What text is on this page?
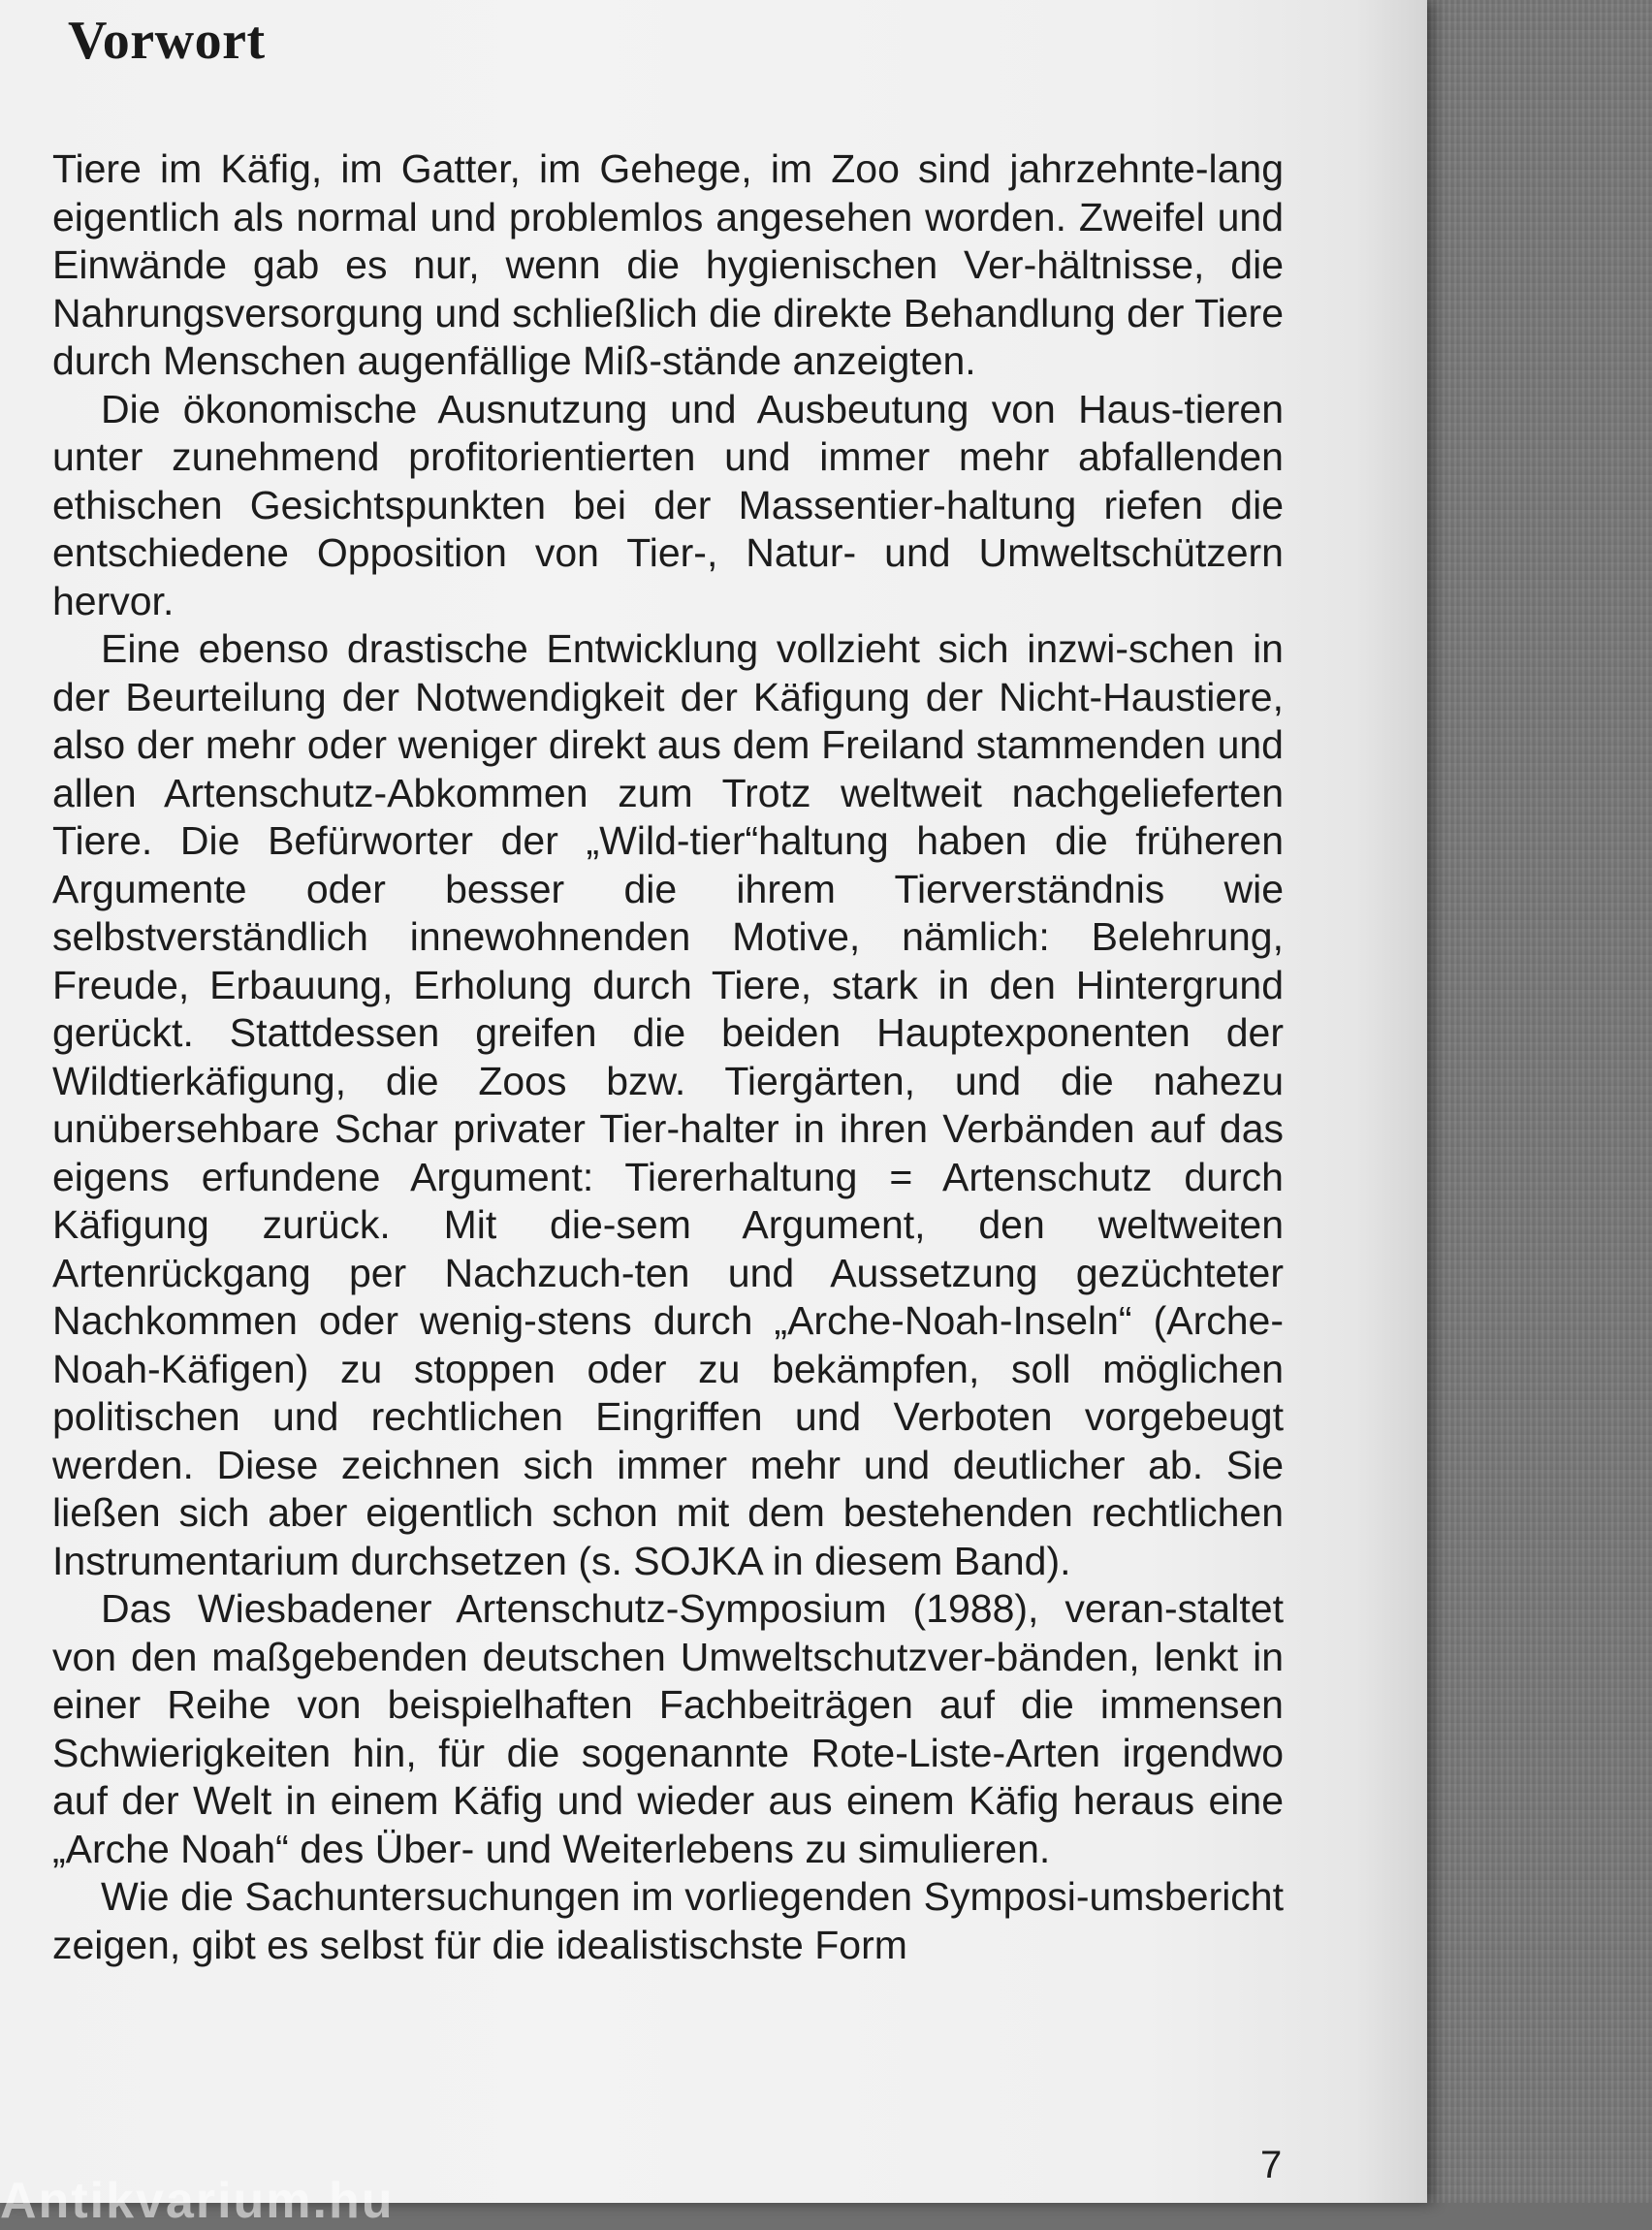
Vorwort

Tiere im Käfig, im Gatter, im Gehege, im Zoo sind jahrzehnte-lang eigentlich als normal und problemlos angesehen worden. Zweifel und Einwände gab es nur, wenn die hygienischen Ver-hältnisse, die Nahrungsversorgung und schließlich die direkte Behandlung der Tiere durch Menschen augenfällige Miß-stände anzeigten.

Die ökonomische Ausnutzung und Ausbeutung von Haus-tieren unter zunehmend profitorientierten und immer mehr abfallenden ethischen Gesichtspunkten bei der Massentier-haltung riefen die entschiedene Opposition von Tier-, Natur- und Umweltschützern hervor.

Eine ebenso drastische Entwicklung vollzieht sich inzwi-schen in der Beurteilung der Notwendigkeit der Käfigung der Nicht-Haustiere, also der mehr oder weniger direkt aus dem Freiland stammenden und allen Artenschutz-Abkommen zum Trotz weltweit nachgelieferten Tiere. Die Befürworter der „Wild-tier“haltung haben die früheren Argumente oder besser die ihrem Tierverständnis wie selbstverständlich innewohnenden Motive, nämlich: Belehrung, Freude, Erbauung, Erholung durch Tiere, stark in den Hintergrund gerückt. Stattdessen greifen die beiden Hauptexponenten der Wildtierkäfigung, die Zoos bzw. Tiergärten, und die nahezu unübersehbare Schar privater Tier-halter in ihren Verbänden auf das eigens erfundene Argument: Tiererhaltung = Artenschutz durch Käfigung zurück. Mit die-sem Argument, den weltweiten Artenrückgang per Nachzuch-ten und Aussetzung gezüchteter Nachkommen oder wenig-stens durch „Arche-Noah-Inseln“ (Arche-Noah-Käfigen) zu stoppen oder zu bekämpfen, soll möglichen politischen und rechtlichen Eingriffen und Verboten vorgebeugt werden. Diese zeichnen sich immer mehr und deutlicher ab. Sie ließen sich aber eigentlich schon mit dem bestehenden rechtlichen Instrumentarium durchsetzen (s. SOJKA in diesem Band).

Das Wiesbadener Artenschutz-Symposium (1988), veran-staltet von den maßgebenden deutschen Umweltschutzver-bänden, lenkt in einer Reihe von beispielhaften Fachbeiträgen auf die immensen Schwierigkeiten hin, für die sogenannte Rote-Liste-Arten irgendwo auf der Welt in einem Käfig und wieder aus einem Käfig heraus eine „Arche Noah“ des Über- und Weiterlebens zu simulieren.

Wie die Sachuntersuchungen im vorliegenden Symposi-umsbericht zeigen, gibt es selbst für die idealistischste Form

7
Antikvarium.hu
